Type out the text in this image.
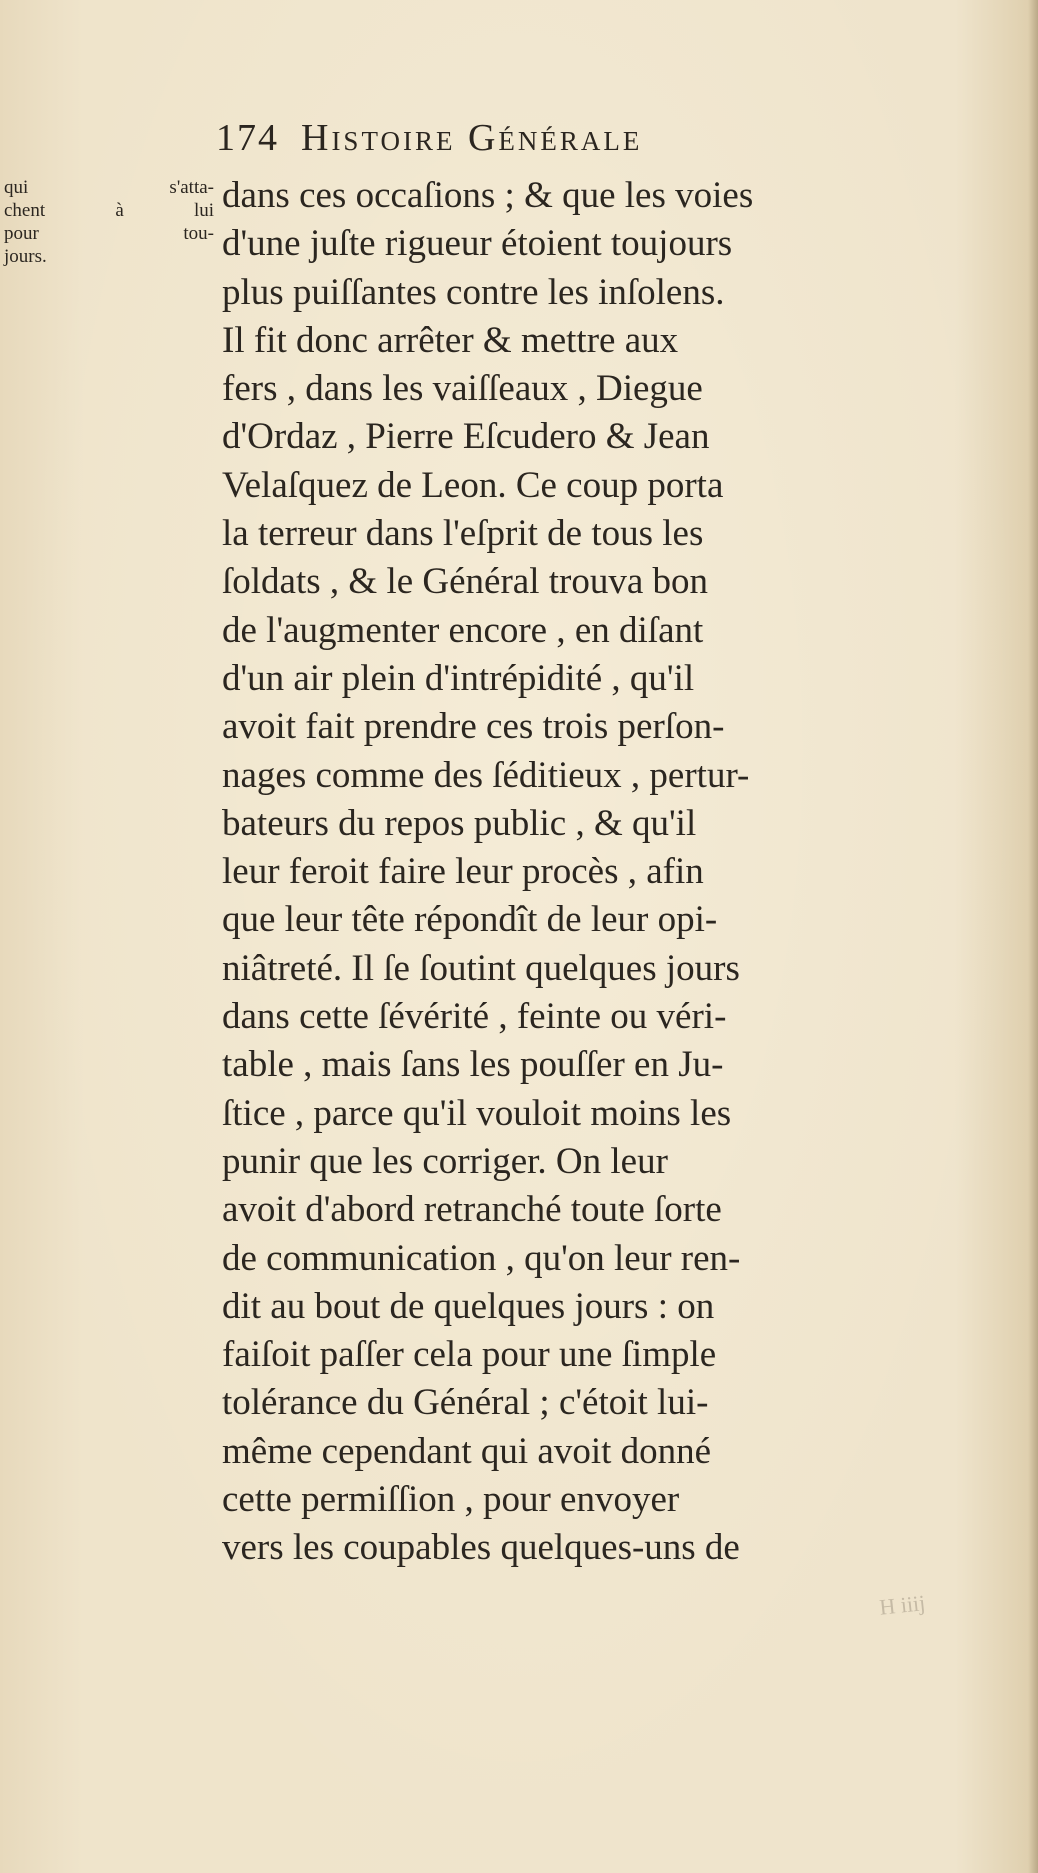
174 Histoire Générale
qui	s'atta-
chent	à	lui
pour	tou-
jours.
dans ces occaſions ; & que les voies
d'une juſte rigueur étoient toujours
plus puiſſantes contre les inſolens.
Il fit donc arrêter & mettre aux
fers , dans les vaiſſeaux , Diegue
d'Ordaz , Pierre Eſcudero & Jean
Velaſquez de Leon. Ce coup porta
la terreur dans l'eſprit de tous les
ſoldats , & le Général trouva bon
de l'augmenter encore , en diſant
d'un air plein d'intrépidité , qu'il
avoit fait prendre ces trois perſon-
nages comme des ſéditieux , pertur-
bateurs du repos public , & qu'il
leur feroit faire leur procès , afin
que leur tête répondît de leur opi-
niâtreté. Il ſe ſoutint quelques jours
dans cette ſévérité , feinte ou véri-
table , mais ſans les pouſſer en Ju-
ſtice , parce qu'il vouloit moins les
punir que les corriger. On leur
avoit d'abord retranché toute ſorte
de communication , qu'on leur ren-
dit au bout de quelques jours : on
faiſoit paſſer cela pour une ſimple
tolérance du Général ; c'étoit lui-
même cependant qui avoit donné
cette permiſſion , pour envoyer
vers les coupables quelques-uns de
H iiij
